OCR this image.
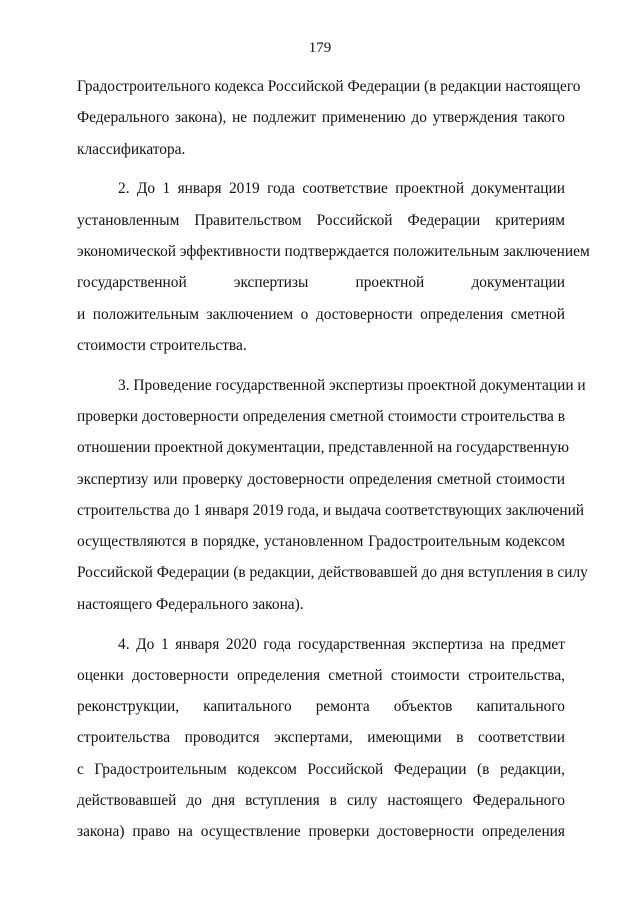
179
Градостроительного кодекса Российской Федерации (в редакции настоящего
Федерального закона), не подлежит применению до утверждения такого
классификатора.
2. До 1 января 2019 года соответствие проектной документации
установленным Правительством Российской Федерации критериям
экономической эффективности подтверждается положительным заключением
государственной экспертизы проектной документации
и положительным заключением о достоверности определения сметной
стоимости строительства.
3. Проведение государственной экспертизы проектной документации и
проверки достоверности определения сметной стоимости строительства в
отношении проектной документации, представленной на государственную
экспертизу или проверку достоверности определения сметной стоимости
строительства до 1 января 2019 года, и выдача соответствующих заключений
осуществляются в порядке, установленном Градостроительным кодексом
Российской Федерации (в редакции, действовавшей до дня вступления в силу
настоящего Федерального закона).
4. До 1 января 2020 года государственная экспертиза на предмет
оценки достоверности определения сметной стоимости строительства,
реконструкции, капитального ремонта объектов капитального
строительства проводится экспертами, имеющими в соответствии
с Градостроительным кодексом Российской Федерации (в редакции,
действовавшей до дня вступления в силу настоящего Федерального
закона) право на осуществление проверки достоверности определения
